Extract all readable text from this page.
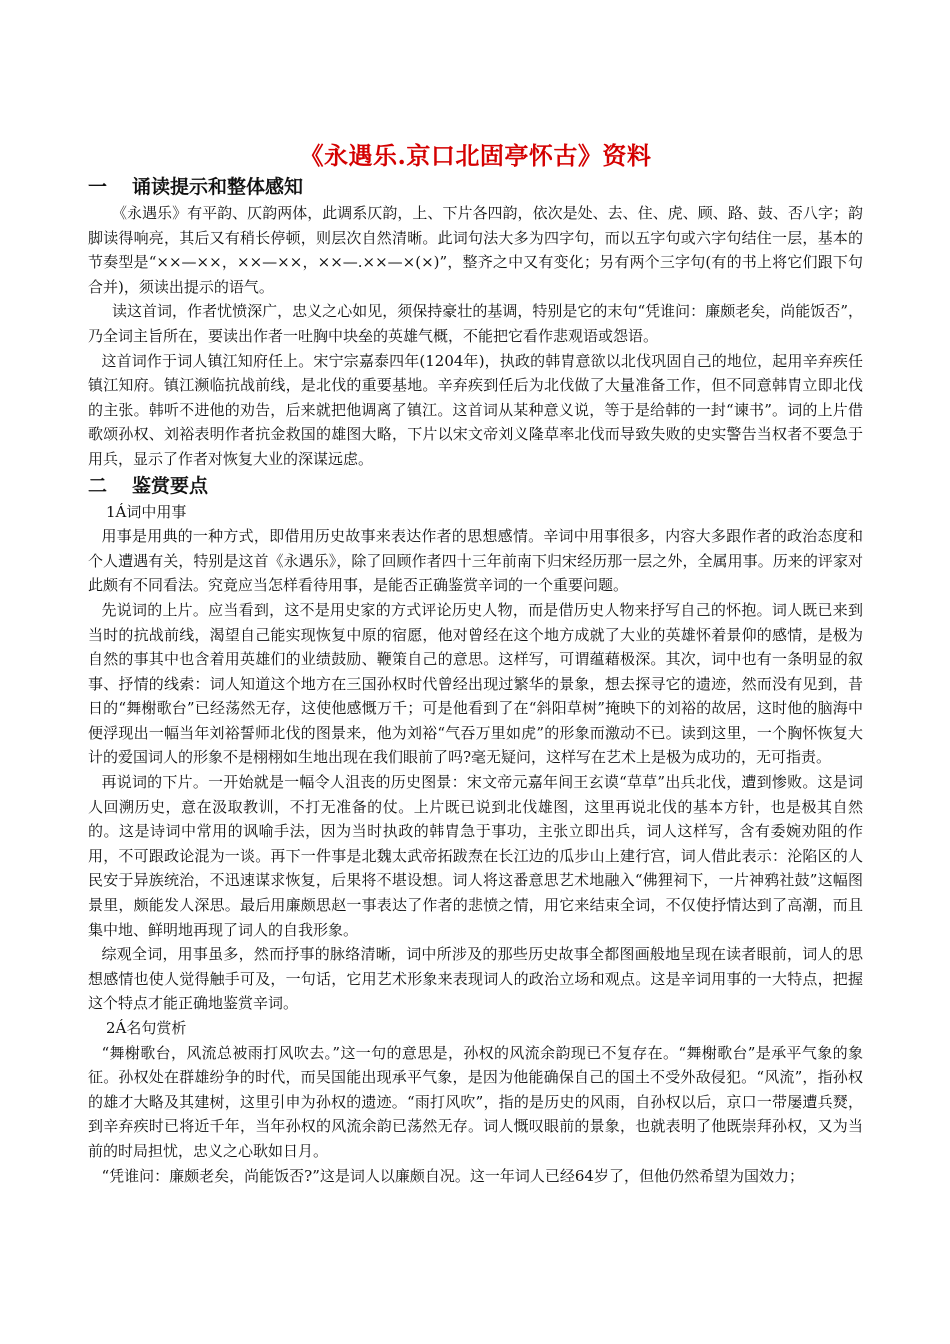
《永遇乐.京口北固亭怀古》资料
一 诵读提示和整体感知

《永遇乐》有平韵、仄韵两体，此调系仄韵，上、下片各四韵，依次是处、去、住、虎、顾、路、鼓、否八字；韵脚读得响亮，其后又有稍长停顿，则层次自然清晰。此词句法大多为四字句，而以五字句或六字句结住一层，基本的节奏型是“××—××，××—××，××—.××—×(×)”，整齐之中又有变化；另有两个三字句(有的书上将它们跟下句合并)，须读出提示的语气。

读这首词，作者忧愤深广，忠义之心如见，须保持豪壮的基调，特别是它的末句“凭谁问：廉颇老矣，尚能饭否”，乃全词主旨所在，要读出作者一吐胸中块垒的英雄气概，不能把它看作悲观语或怨语。

这首词作于词人镇江知府任上。宋宁宗嘉泰四年(1204年)，执政的韩胄意欲以北伐巩固自己的地位，起用辛弃疾任镇江知府。镇江濒临抗战前线，是北伐的重要基地。辛弃疾到任后为北伐做了大量准备工作，但不同意韩胄立即北伐的主张。韩听不进他的劝告，后来就把他调离了镇江。这首词从某种意义说，等于是给韩的一封“谏书”。词的上片借歌颂孙权、刘裕表明作者抗金救国的雄图大略，下片以宋文帝刘义隆草率北伐而导致失败的史实警告当权者不要急于用兵，显示了作者对恢复大业的深谋远虑。

二 鉴赏要点
1Á词中用事

用事是用典的一种方式，即借用历史故事来表达作者的思想感情。辛词中用事很多，内容大多跟作者的政治态度和个人遭遇有关，特别是这首《永遇乐》，除了回顾作者四十三年前南下归宋经历那一层之外，全属用事。历来的评家对此颇有不同看法。究竟应当怎样看待用事，是能否正确鉴赏辛词的一个重要问题。

先说词的上片。应当看到，这不是用史家的方式评论历史人物，而是借历史人物来抒写自己的怀抱。词人既已来到当时的抗战前线，渴望自己能实现恢复中原的宿愿，他对曾经在这个地方成就了大业的英雄怀着景仰的感情，是极为自然的事其中也含着用英雄们的业绩鼓励、鞭策自己的意思。这样写，可谓蕴藉极深。其次，词中也有一条明显的叙事、抒情的线索：词人知道这个地方在三国孙权时代曾经出现过繁华的景象，想去探寻它的遗迹，然而没有见到，昔日的“舞榭歌台”已经荡然无存，这使他感慨万千；可是他看到了在“斜阳草树”掩映下的刘裕的故居，这时他的脑海中便浮现出一幅当年刘裕誓师北伐的图景来，他为刘裕“气吞万里如虎”的形象而激动不已。读到这里，一个胸怀恢复大计的爱国词人的形象不是栩栩如生地出现在我们眼前了吗?毫无疑问，这样写在艺术上是极为成功的，无可指责。

再说词的下片。一开始就是一幅令人沮丧的历史图景：宋文帝元嘉年间王玄谟“草草”出兵北伐，遭到惨败。这是词人回溯历史，意在汲取教训，不打无准备的仗。上片既已说到北伐雄图，这里再说北伐的基本方针，也是极其自然的。这是诗词中常用的讽喻手法，因为当时执政的韩胄急于事功，主张立即出兵，词人这样写，含有委婉劝阻的作用，不可跟政论混为一谈。再下一件事是北魏太武帝拓跋焘在长江边的瓜步山上建行宫，词人借此表示：沦陷区的人民安于异族统治，不迅速谋求恢复，后果将不堪设想。词人将这番意思艺术地融入“佛狸祠下，一片神鸦社鼓”这幅图景里，颇能发人深思。最后用廉颇思赵一事表达了作者的悲愤之情，用它来结束全词，不仅使抒情达到了高潮，而且集中地、鲜明地再现了词人的自我形象。

综观全词，用事虽多，然而抒事的脉络清晰，词中所涉及的那些历史故事全都图画般地呈现在读者眼前，词人的思想感情也使人觉得触手可及，一句话，它用艺术形象来表现词人的政治立场和观点。这是辛词用事的一大特点，把握这个特点才能正确地鉴赏辛词。

2Á名句赏析

“舞榭歌台，风流总被雨打风吹去。”这一句的意思是，孙权的风流余韵现已不复存在。“舞榭歌台”是承平气象的象征。孙权处在群雄纷争的时代，而吴国能出现承平气象，是因为他能确保自己的国土不受外敌侵犯。“风流”，指孙权的雄才大略及其建树，这里引申为孙权的遗迹。“雨打风吹”，指的是历史的风雨，自孙权以后，京口一带屡遭兵燹，到辛弃疾时已将近千年，当年孙权的风流余韵已荡然无存。词人慨叹眼前的景象，也就表明了他既崇拜孙权，又为当前的时局担忧，忠义之心耿如日月。

“凭谁问：廉颇老矣，尚能饭否?”这是词人以廉颇自况。这一年词人已经64岁了，但他仍然希望为国效力；
